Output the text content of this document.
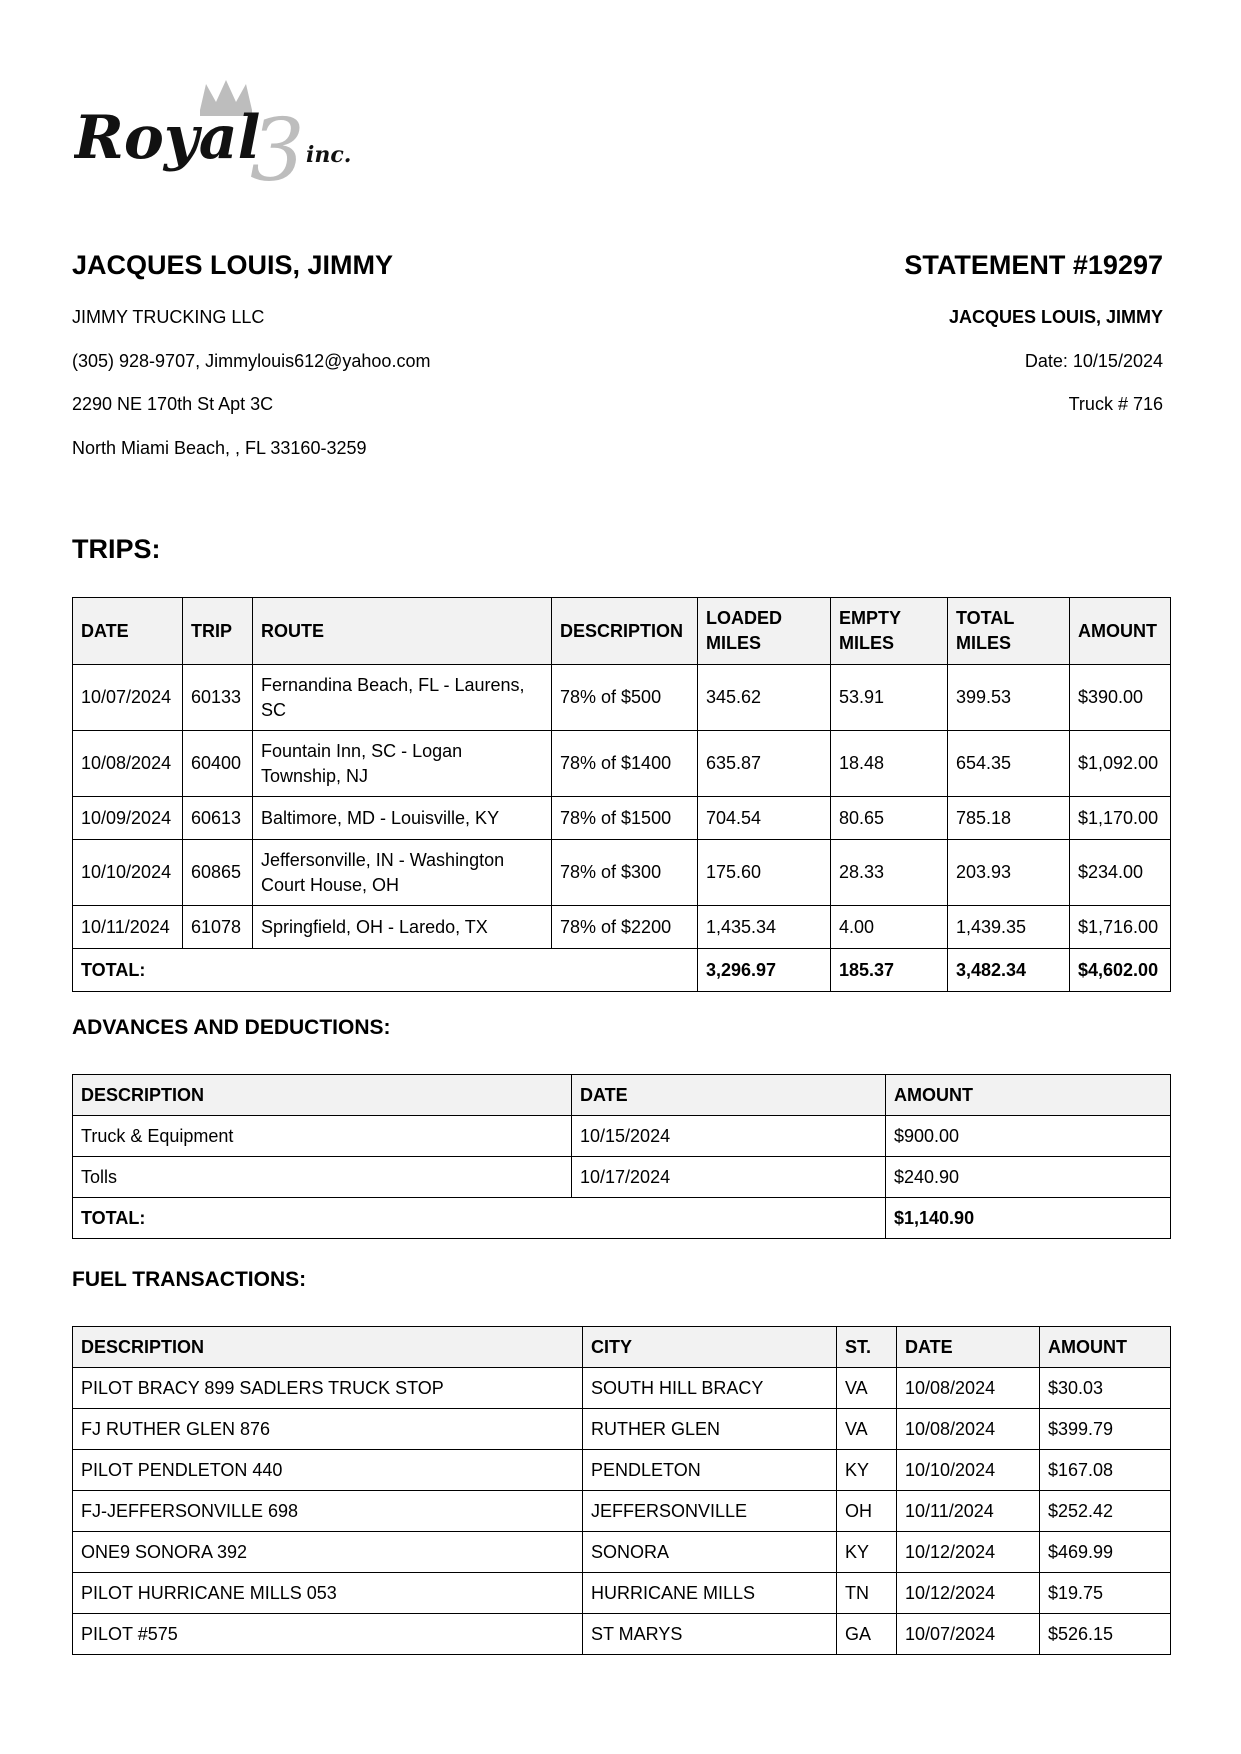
3
Royal inc.
JACQUES LOUIS, JIMMY
JIMMY TRUCKING LLC
(305) 928-9707, Jimmylouis612@yahoo.com
2290 NE 170th St Apt 3C
North Miami Beach, , FL 33160-3259
STATEMENT #19297
JACQUES LOUIS, JIMMY
Date: 10/15/2024
Truck # 716
TRIPS:
DATE	TRIP	ROUTE	DESCRIPTION	LOADED MILES	EMPTY MILES	TOTAL MILES	AMOUNT
10/07/2024	60133	Fernandina Beach, FL - Laurens, SC	78% of $500	345.62	53.91	399.53	$390.00
10/08/2024	60400	Fountain Inn, SC - Logan Township, NJ	78% of $1400	635.87	18.48	654.35	$1,092.00
10/09/2024	60613	Baltimore, MD - Louisville, KY	78% of $1500	704.54	80.65	785.18	$1,170.00
10/10/2024	60865	Jeffersonville, IN - Washington Court House, OH	78% of $300	175.60	28.33	203.93	$234.00
10/11/2024	61078	Springfield, OH - Laredo, TX	78% of $2200	1,435.34	4.00	1,439.35	$1,716.00
TOTAL:				3,296.97	185.37	3,482.34	$4,602.00
ADVANCES AND DEDUCTIONS:
DESCRIPTION	DATE	AMOUNT
Truck & Equipment	10/15/2024	$900.00
Tolls	10/17/2024	$240.90
TOTAL:		$1,140.90
FUEL TRANSACTIONS:
DESCRIPTION	CITY	ST.	DATE	AMOUNT
PILOT BRACY 899 SADLERS TRUCK STOP	SOUTH HILL BRACY	VA	10/08/2024	$30.03
FJ RUTHER GLEN 876	RUTHER GLEN	VA	10/08/2024	$399.79
PILOT PENDLETON 440	PENDLETON	KY	10/10/2024	$167.08
FJ-JEFFERSONVILLE 698	JEFFERSONVILLE	OH	10/11/2024	$252.42
ONE9 SONORA 392	SONORA	KY	10/12/2024	$469.99
PILOT HURRICANE MILLS 053	HURRICANE MILLS	TN	10/12/2024	$19.75
PILOT #575	ST MARYS	GA	10/07/2024	$526.15
